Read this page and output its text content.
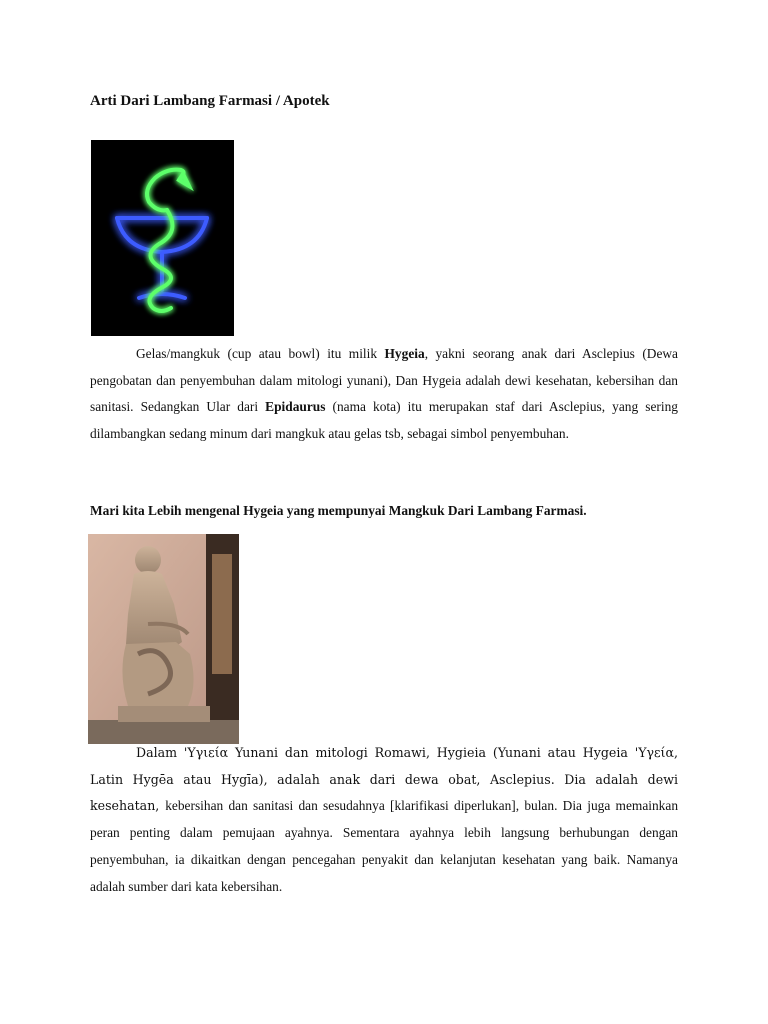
Arti Dari Lambang Farmasi / Apotek

Gelas/mangkuk (cup atau bowl) itu milik Hygeia, yakni seorang anak dari Asclepius (Dewa pengobatan dan penyembuhan dalam mitologi yunani), Dan Hygeia adalah dewi kesehatan, kebersihan dan sanitasi. Sedangkan Ular dari Epidaurus (nama kota) itu merupakan staf dari Asclepius, yang sering dilambangkan sedang minum dari mangkuk atau gelas tsb, sebagai simbol penyembuhan.

Mari kita Lebih mengenal Hygeia yang mempunyai Mangkuk Dari Lambang Farmasi.

Dalam 'Υγιεία Yunani dan mitologi Romawi, Hygieia (Yunani atau Hygeia 'Υγεία, Latin Hygēa atau Hygīa), adalah anak dari dewa obat, Asclepius. Dia adalah dewi kesehatan, kebersihan dan sanitasi dan sesudahnya [klarifikasi diperlukan], bulan. Dia juga memainkan peran penting dalam pemujaan ayahnya. Sementara ayahnya lebih langsung berhubungan dengan penyembuhan, ia dikaitkan dengan pencegahan penyakit dan kelanjutan kesehatan yang baik. Namanya adalah sumber dari kata kebersihan.
